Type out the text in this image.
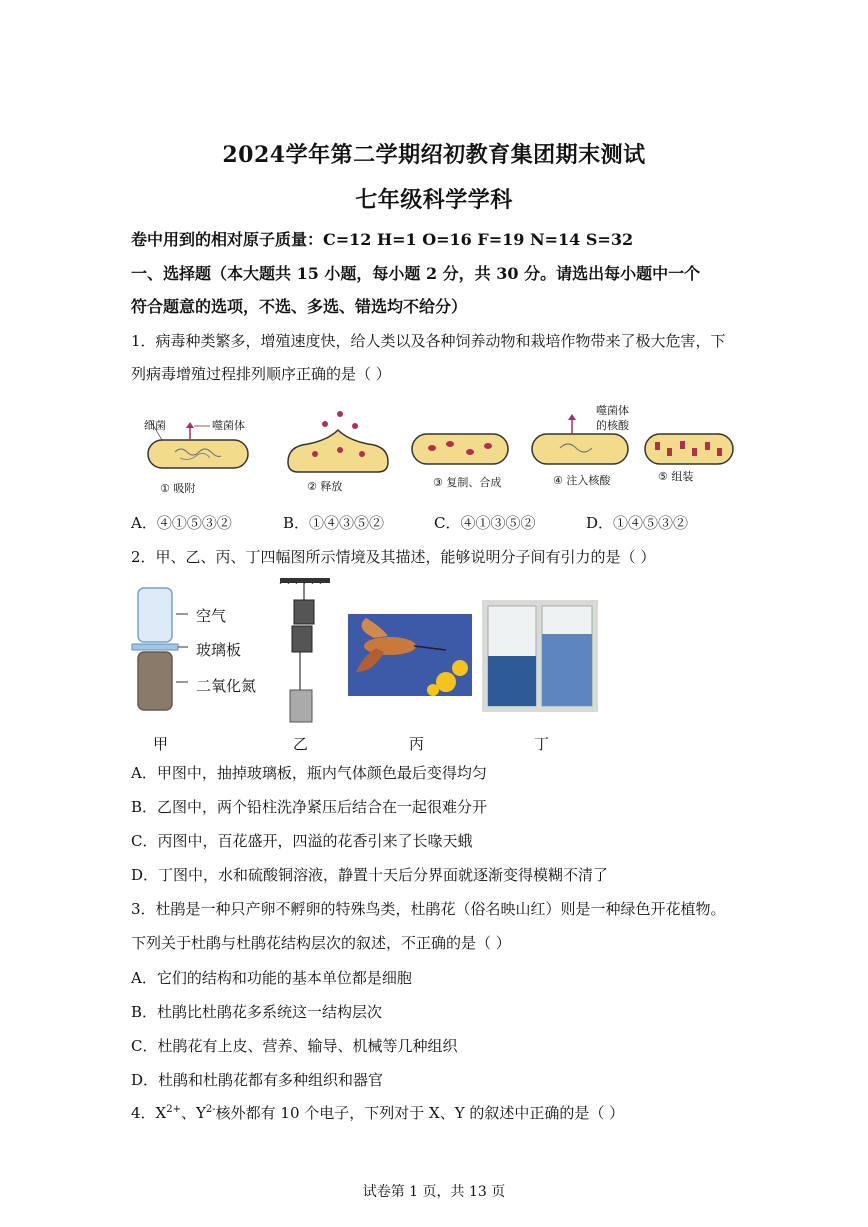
2024学年第二学期绍初教育集团期末测试
七年级科学学科
卷中用到的相对原子质量：C=12 H=1 O=16 F=19 N=14 S=32
一、选择题（本大题共 15 小题，每小题 2 分，共 30 分。请选出每小题中一个
符合题意的选项，不选、多选、错选均不给分）
1．病毒种类繁多，增殖速度快，给人类以及各种饲养动物和栽培作物带来了极大危害，下
列病毒增殖过程排列顺序正确的是（ ）
细菌	噬菌体
噬菌体
的核酸
① 吸附	② 释放	③ 复制、合成	④ 注入核酸	⑤ 组装
A．④①⑤③②	B．①④③⑤②	C．④①③⑤②	D．①④⑤③②
2．甲、乙、丙、丁四幅图所示情境及其描述，能够说明分子间有引力的是（ ）
空气
玻璃板
二氧化氮
甲	乙	丙	丁
A．甲图中，抽掉玻璃板，瓶内气体颜色最后变得均匀
B．乙图中，两个铅柱洗净紧压后结合在一起很难分开
C．丙图中，百花盛开，四溢的花香引来了长喙天蛾
D．丁图中，水和硫酸铜溶液，静置十天后分界面就逐渐变得模糊不清了
3．杜鹃是一种只产卵不孵卵的特殊鸟类，杜鹃花（俗名映山红）则是一种绿色开花植物。
下列关于杜鹃与杜鹃花结构层次的叙述，不正确的是（ ）
A．它们的结构和功能的基本单位都是细胞
B．杜鹃比杜鹃花多系统这一结构层次
C．杜鹃花有上皮、营养、输导、机械等几种组织
D．杜鹃和杜鹃花都有多种组织和器官
4．$X^{2+}$、$Y^{2-}$核外都有 10 个电子，下列对于 X、Y 的叙述中正确的是（ ）
试卷第 1 页，共 13 页
